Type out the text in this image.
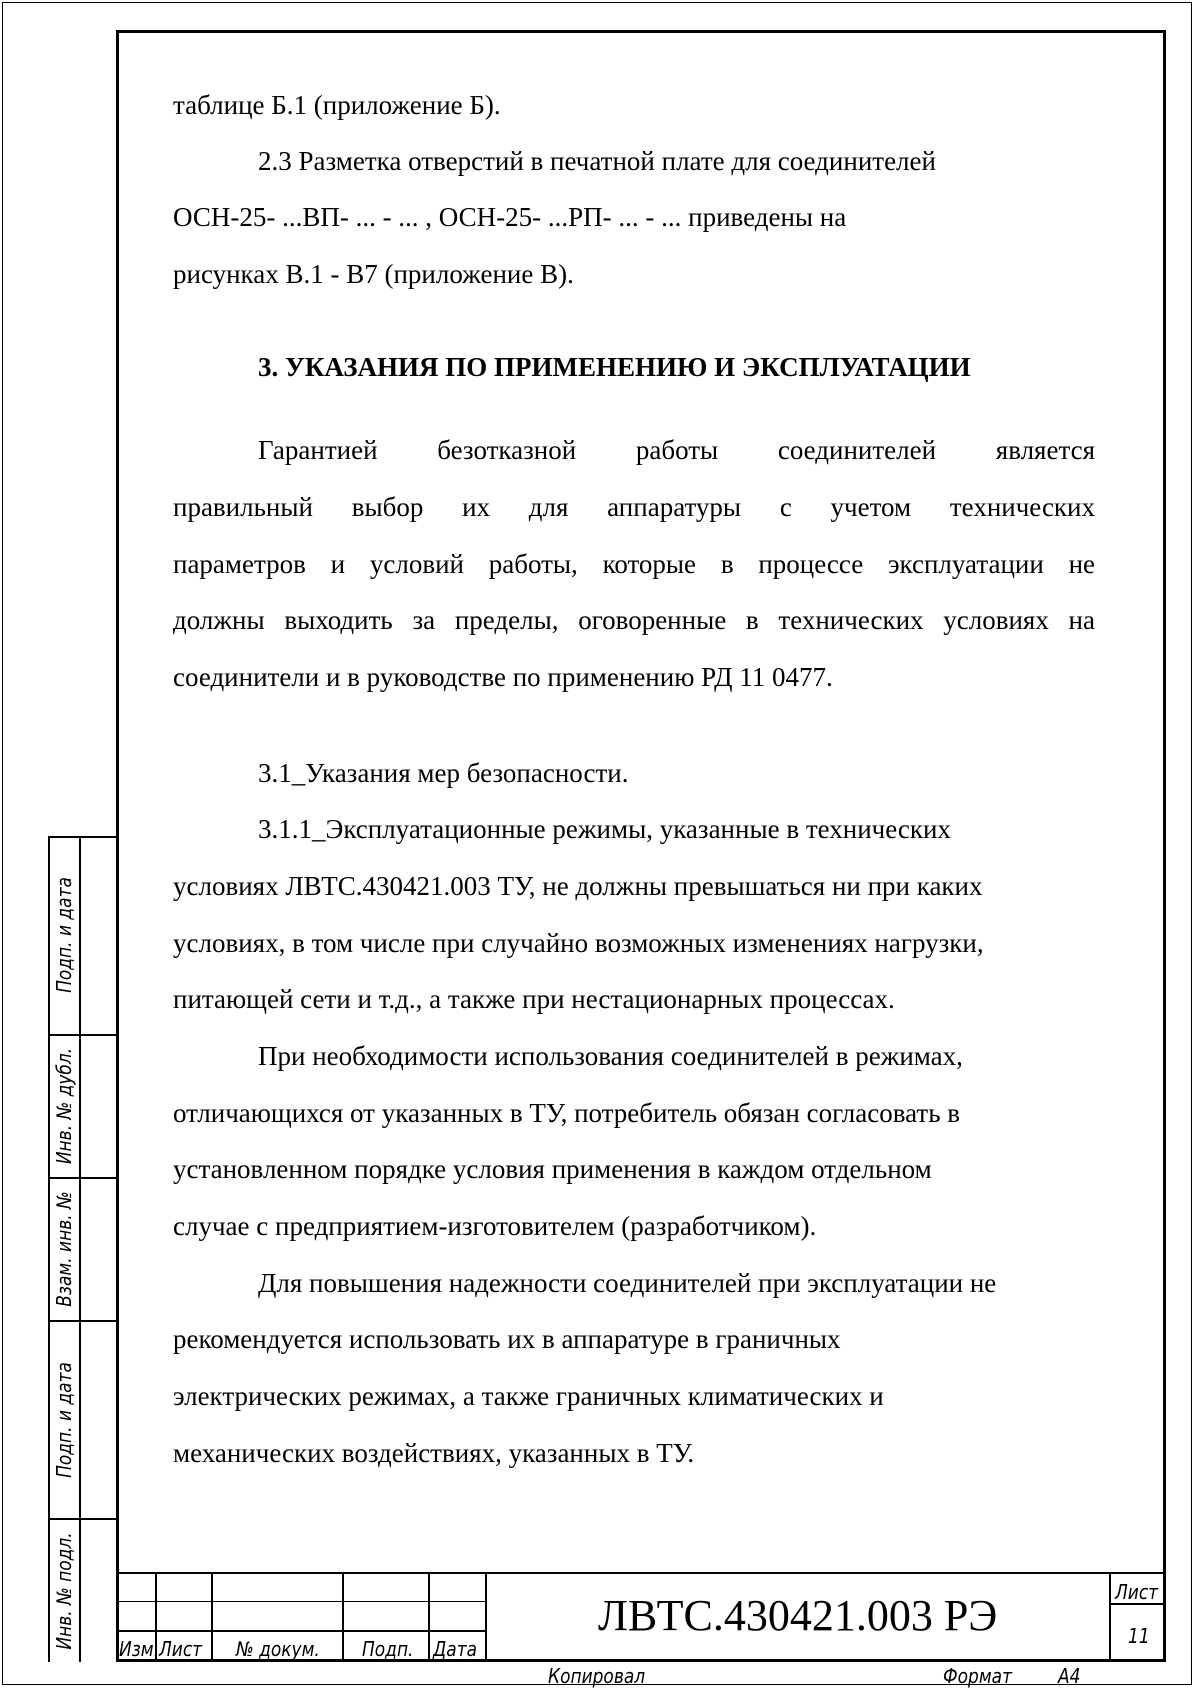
таблице Б.1 (приложение Б).
2.3 Разметка отверстий в печатной плате для соединителей
ОСН-25- ...ВП- ... - ... , ОСН-25- ...РП- ... - ... приведены на
рисунках В.1 - В7 (приложение В).
3. УКАЗАНИЯ ПО ПРИМЕНЕНИЮ И ЭКСПЛУАТАЦИИ
Гарантией безотказной работы соединителей является
правильный выбор их для аппаратуры с учетом технических
параметров и условий работы, которые в процессе эксплуатации не
должны выходить за пределы, оговоренные в технических условиях на
соединители и в руководстве по применению РД 11 0477.
3.1_Указания мер безопасности.
3.1.1_Эксплуатационные режимы, указанные в технических
условиях ЛВТС.430421.003 ТУ, не должны превышаться ни при каких
условиях, в том числе при случайно возможных изменениях нагрузки,
питающей сети и т.д., а также при нестационарных процессах.
При необходимости использования соединителей в режимах,
отличающихся от указанных в ТУ, потребитель обязан согласовать в
установленном порядке условия применения в каждом отдельном
случае с предприятием-изготовителем (разработчиком).
Для повышения надежности соединителей при эксплуатации не
рекомендуется использовать их в аппаратуре в граничных
электрических режимах, а также граничных климатических и
механических воздействиях, указанных в ТУ.
Инв. № подл.
Подп. и дата
Взам. инв. №
Инв. № дубл.
Подп. и дата
Изм. Лист № докум. Подп. Дата
ЛВТС.430421.003 РЭ	Лист
11
Копировал	Формат А4
